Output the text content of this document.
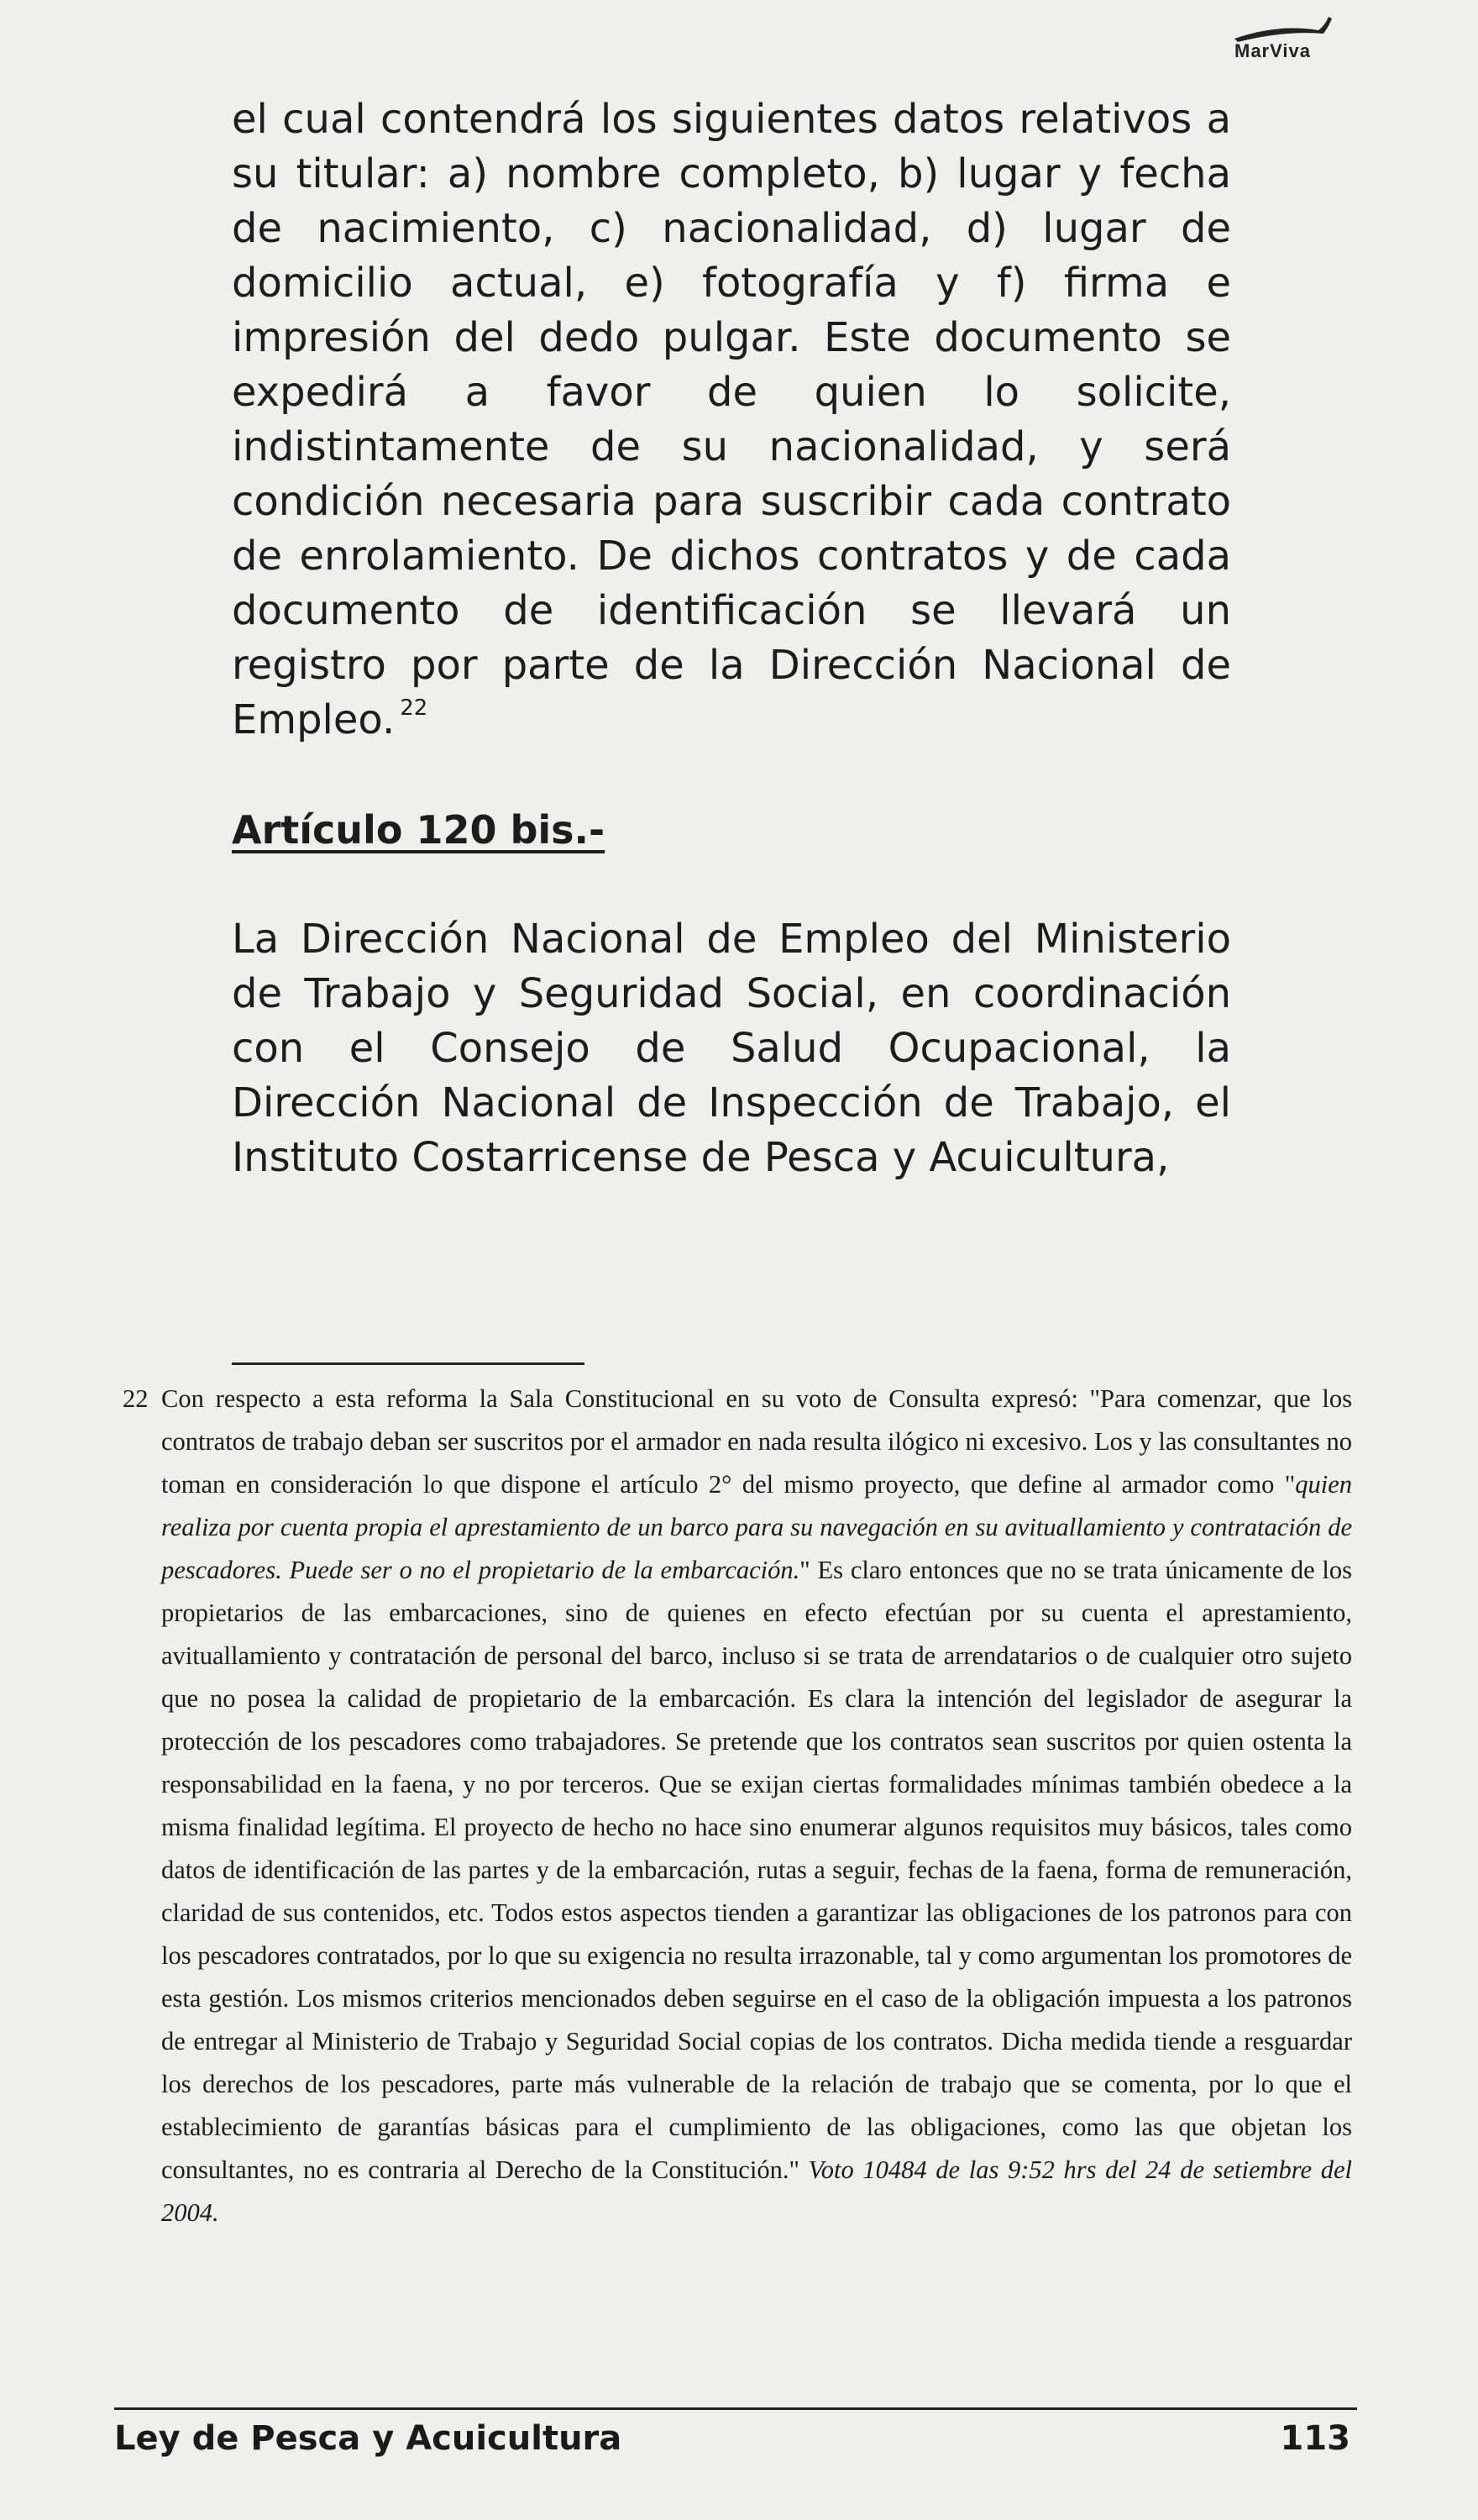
MarViva

el cual contendrá los siguientes datos relativos a su titular: a) nombre completo, b) lugar y fecha de nacimiento, c) nacionalidad, d) lugar de domicilio actual, e) fotografía y f) firma e impresión del dedo pulgar. Este documento se expedirá a favor de quien lo solicite, indistintamente de su nacionalidad, y será condición necesaria para suscribir cada contrato de enrolamiento. De dichos contratos y de cada documento de identificación se llevará un registro por parte de la Dirección Nacional de Empleo. $^{22}$

Artículo 120 bis.-

La Dirección Nacional de Empleo del Ministerio de Trabajo y Seguridad Social, en coordinación con el Consejo de Salud Ocupacional, la Dirección Nacional de Inspección de Trabajo, el Instituto Costarricense de Pesca y Acuicultura,

22 Con respecto a esta reforma la Sala Constitucional en su voto de Consulta expresó: "Para comenzar, que los contratos de trabajo deban ser suscritos por el armador en nada resulta ilógico ni excesivo. Los y las consultantes no toman en consideración lo que dispone el artículo 2° del mismo proyecto, que define al armador como "quien realiza por cuenta propia el aprestamiento de un barco para su navegación en su avituallamiento y contratación de pescadores. Puede ser o no el propietario de la embarcación." Es claro entonces que no se trata únicamente de los propietarios de las embarcaciones, sino de quienes en efecto efectúan por su cuenta el aprestamiento, avituallamiento y contratación de personal del barco, incluso si se trata de arrendatarios o de cualquier otro sujeto que no posea la calidad de propietario de la embarcación. Es clara la intención del legislador de asegurar la protección de los pescadores como trabajadores. Se pretende que los contratos sean suscritos por quien ostenta la responsabilidad en la faena, y no por terceros. Que se exijan ciertas formalidades mínimas también obedece a la misma finalidad legítima. El proyecto de hecho no hace sino enumerar algunos requisitos muy básicos, tales como datos de identificación de las partes y de la embarcación, rutas a seguir, fechas de la faena, forma de remuneración, claridad de sus contenidos, etc. Todos estos aspectos tienden a garantizar las obligaciones de los patronos para con los pescadores contratados, por lo que su exigencia no resulta irrazonable, tal y como argumentan los promotores de esta gestión. Los mismos criterios mencionados deben seguirse en el caso de la obligación impuesta a los patronos de entregar al Ministerio de Trabajo y Seguridad Social copias de los contratos. Dicha medida tiende a resguardar los derechos de los pescadores, parte más vulnerable de la relación de trabajo que se comenta, por lo que el establecimiento de garantías básicas para el cumplimiento de las obligaciones, como las que objetan los consultantes, no es contraria al Derecho de la Constitución." Voto 10484 de las 9:52 hrs del 24 de setiembre del 2004.
Ley de Pesca y Acuicultura	113
